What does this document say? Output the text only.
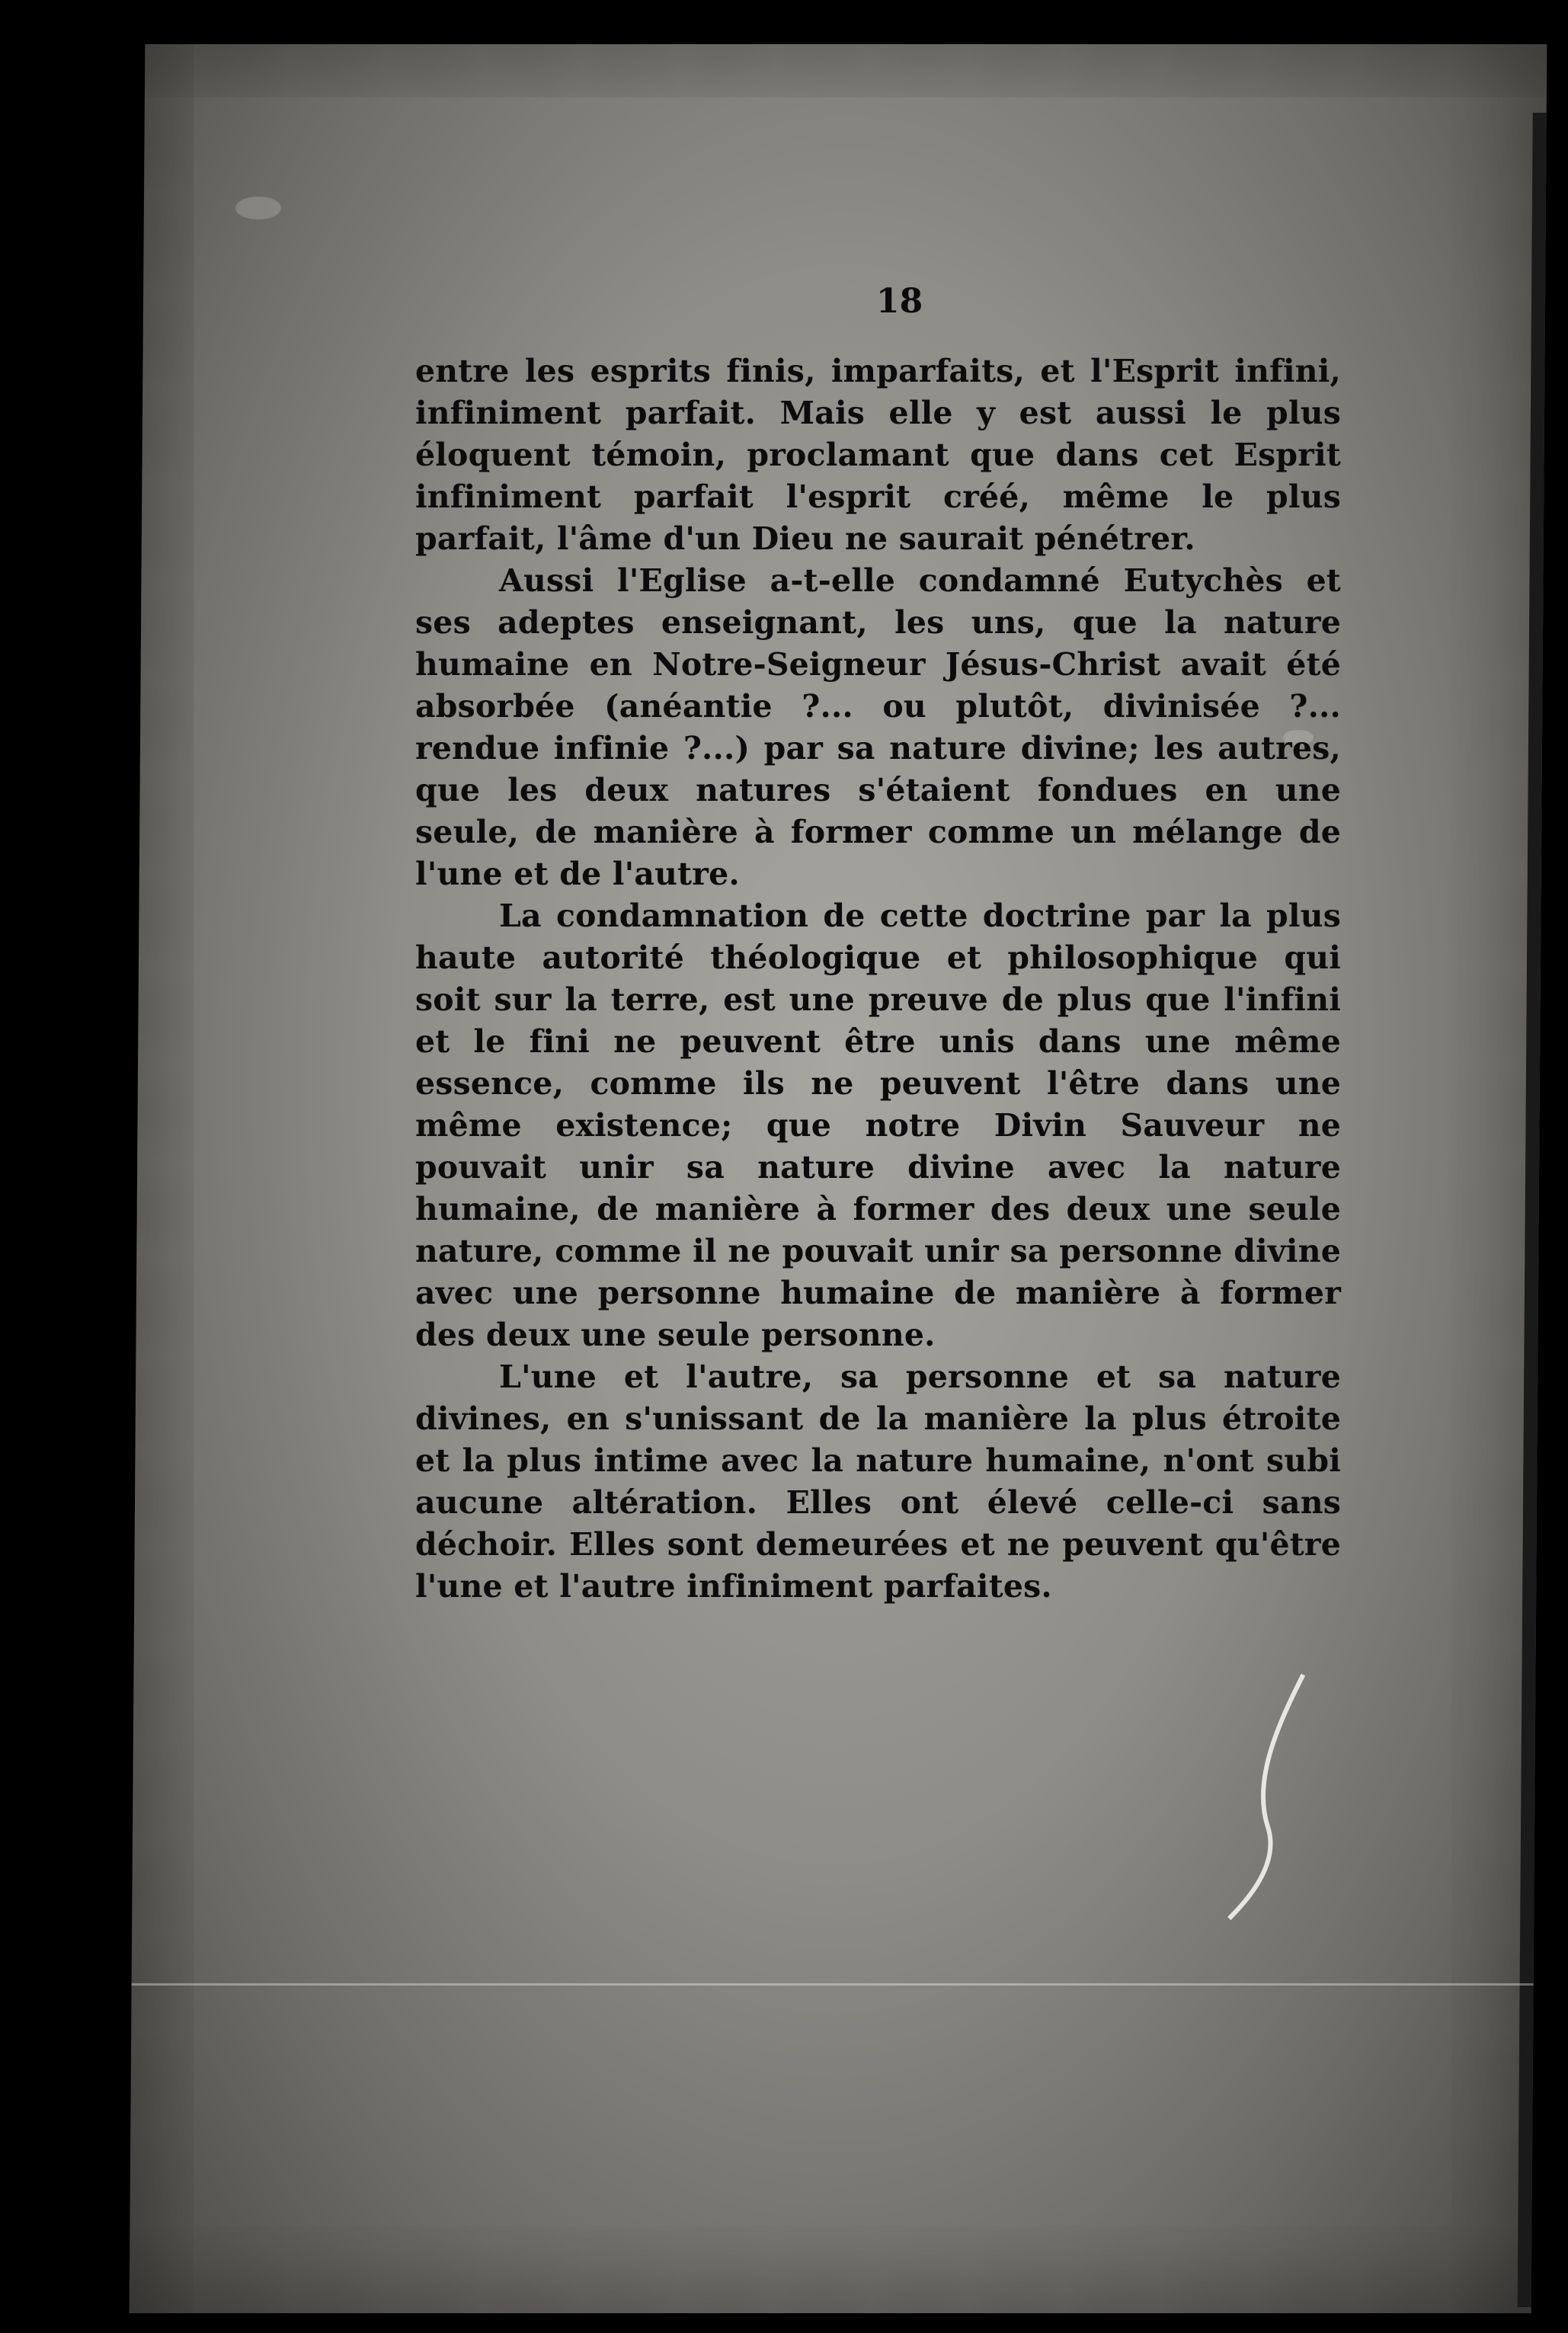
18

entre les esprits finis, imparfaits, et l'Esprit infini, infiniment parfait. Mais elle y est aussi le plus éloquent témoin, proclamant que dans cet Esprit infiniment parfait l'esprit créé, même le plus parfait, l'âme d'un Dieu ne saurait pénétrer.

Aussi l'Eglise a-t-elle condamné Eutychès et ses adeptes enseignant, les uns, que la nature humaine en Notre-Seigneur Jésus-Christ avait été absorbée (anéantie ?... ou plutôt, divinisée ?... rendue infinie ?...) par sa nature divine; les autres, que les deux natures s'étaient fondues en une seule, de manière à former comme un mélange de l'une et de l'autre.

La condamnation de cette doctrine par la plus haute autorité théologique et philosophique qui soit sur la terre, est une preuve de plus que l'infini et le fini ne peuvent être unis dans une même essence, comme ils ne peuvent l'être dans une même existence; que notre Divin Sauveur ne pouvait unir sa nature divine avec la nature humaine, de manière à former des deux une seule nature, comme il ne pouvait unir sa personne divine avec une personne humaine de manière à former des deux une seule personne.

L'une et l'autre, sa personne et sa nature divines, en s'unissant de la manière la plus étroite et la plus intime avec la nature humaine, n'ont subi aucune altération. Elles ont élevé celle-ci sans déchoir. Elles sont demeurées et ne peuvent qu'être l'une et l'autre infiniment parfaites.
